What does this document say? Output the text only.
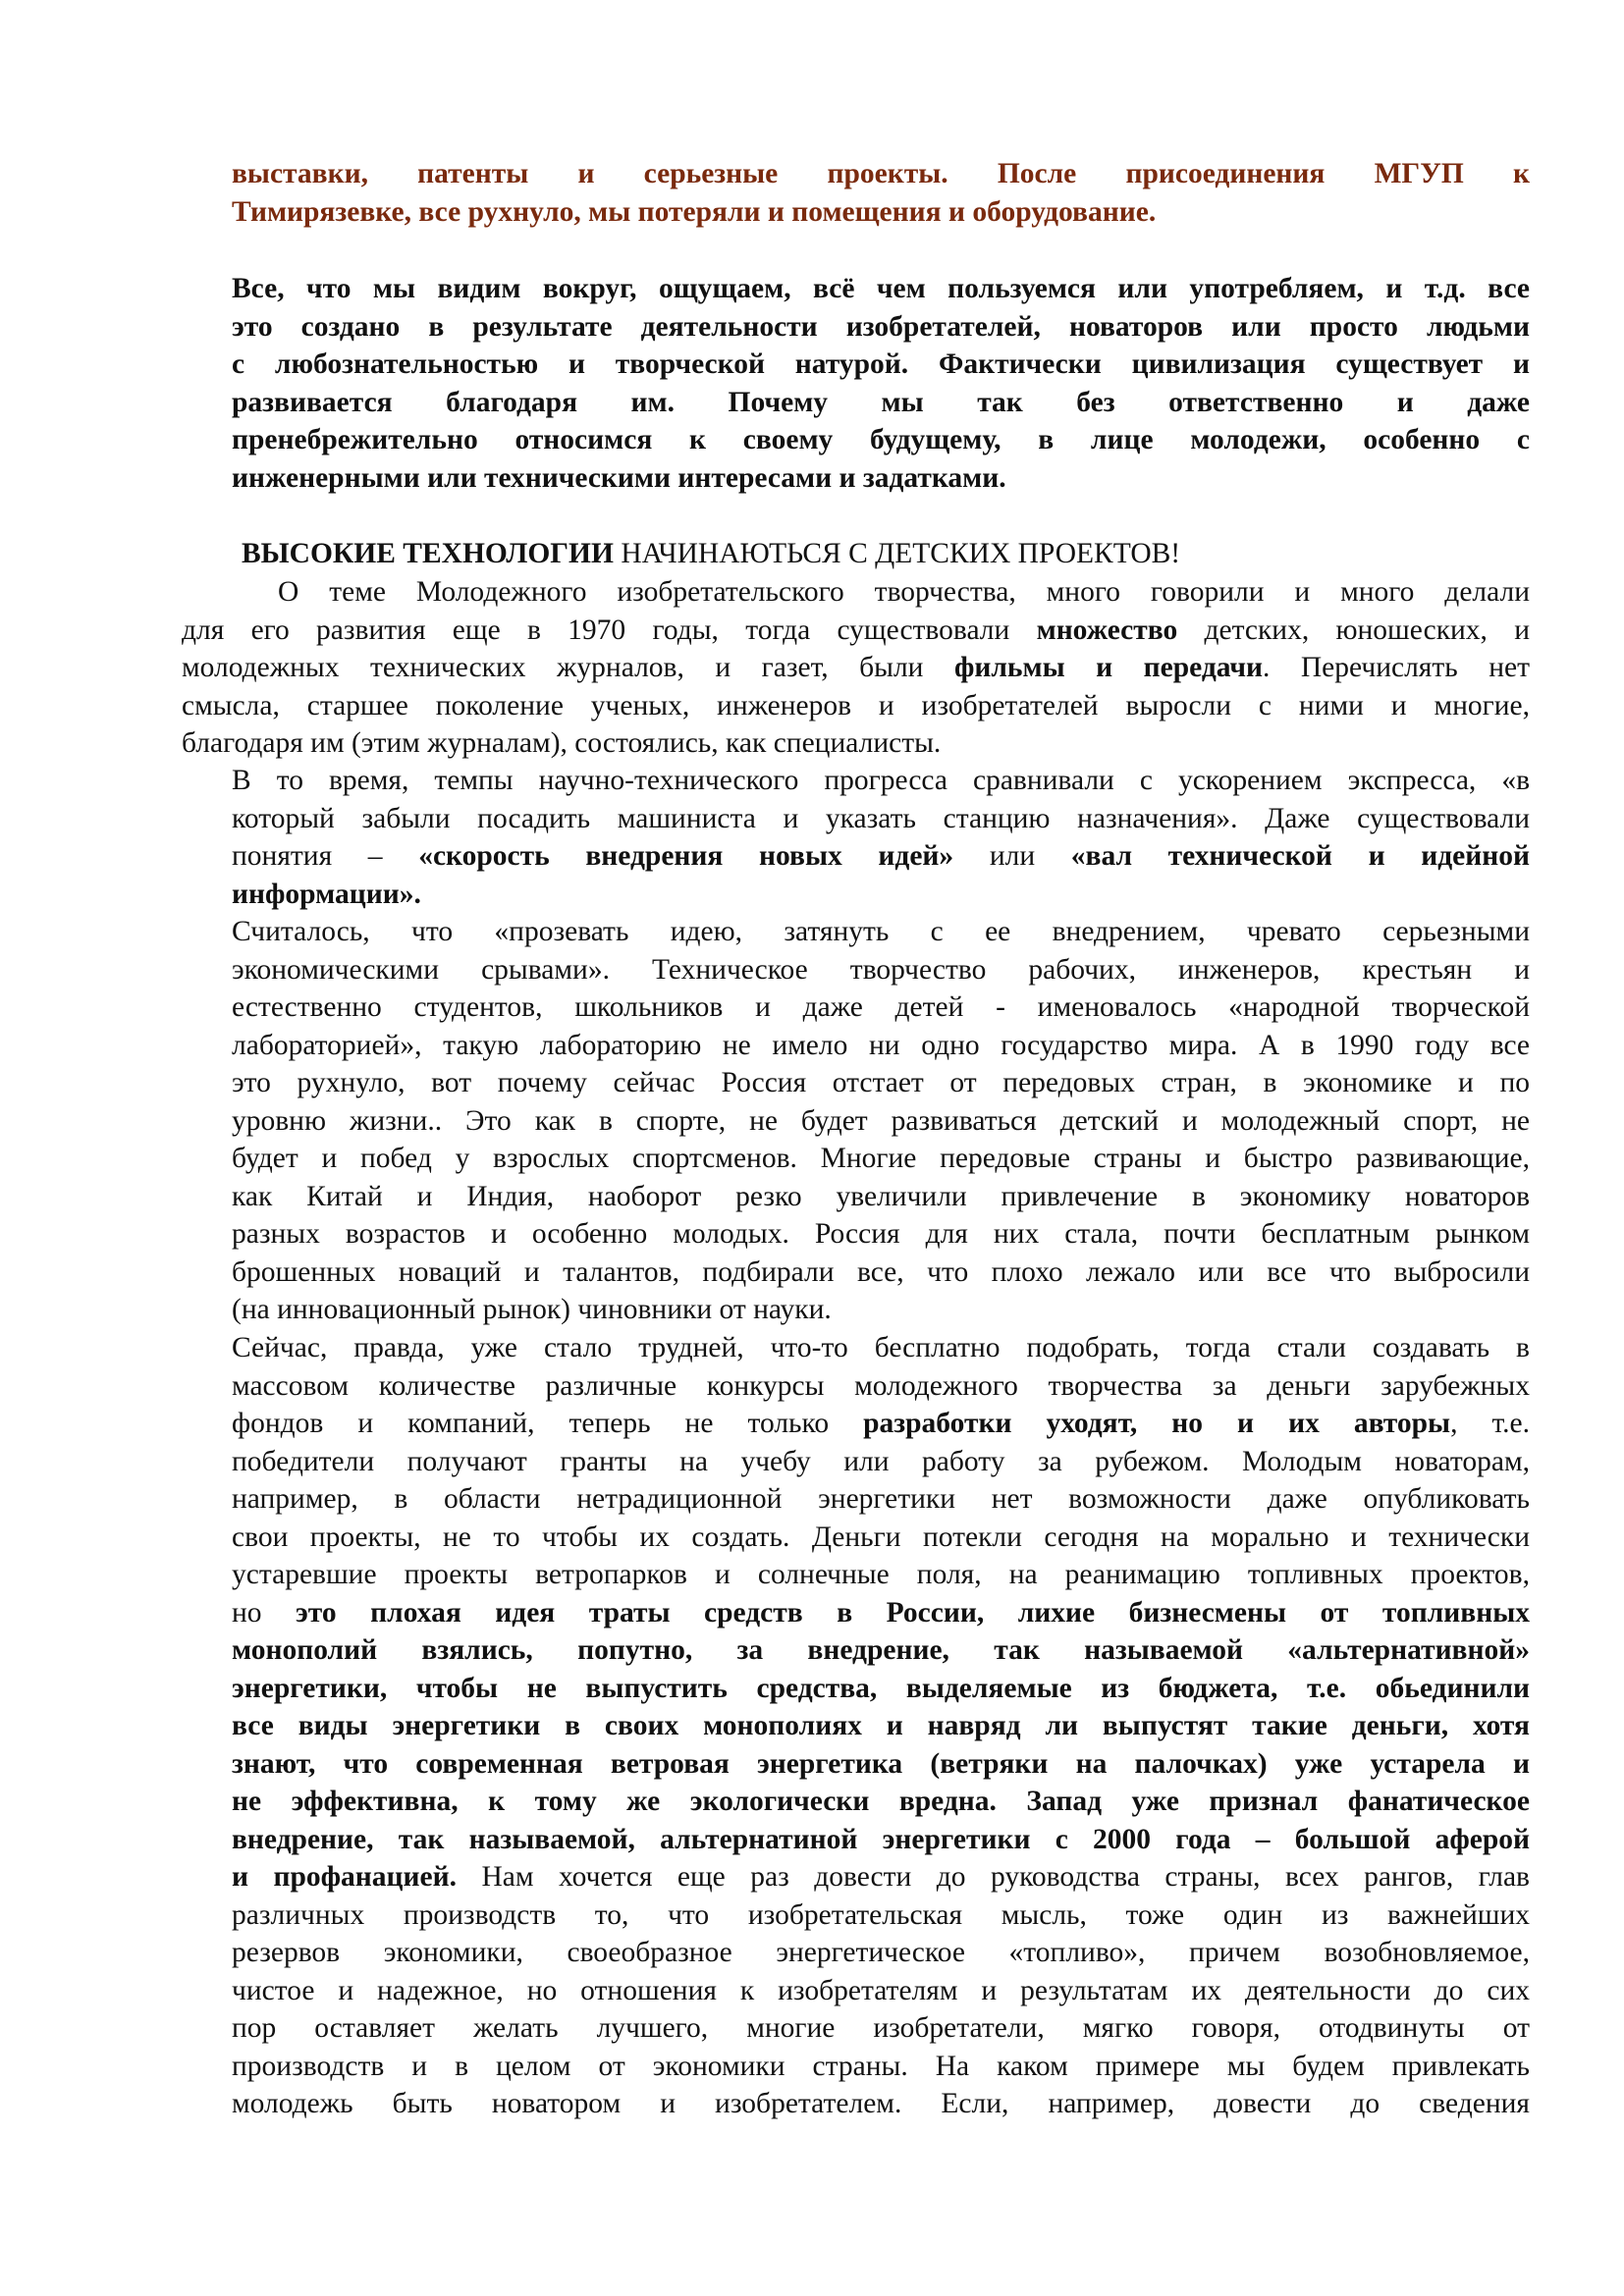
выставки, патенты и серьезные проекты. После присоединения МГУП к

Тимирязевке, все рухнуло, мы потеряли и помещения и оборудование.

Все, что мы видим вокруг, ощущаем, всё чем пользуемся или употребляем, и т.д. все

это создано в результате деятельности изобретателей, новаторов или просто людьми

с любознательностью и творческой натурой. Фактически цивилизация существует и

развивается благодаря им. Почему мы так без ответственно и даже

пренебрежительно относимся к своему будущему, в лице молодежи, особенно с

инженерными или техническими интересами и задатками.

ВЫСОКИЕ ТЕХНОЛОГИИ НАЧИНАЮТЬСЯ С ДЕТСКИХ ПРОЕКТОВ!

О теме Молодежного изобретательского творчества, много говорили и много делали

для его развития еще в 1970 годы, тогда существовали множество детских, юношеских, и

молодежных технических журналов, и газет, были фильмы и передачи. Перечислять нет

смысла, старшее поколение ученых, инженеров и изобретателей выросли с ними и многие,

благодаря им (этим журналам), состоялись, как специалисты.

В то время, темпы научно-технического прогресса сравнивали с ускорением экспресса, «в

который забыли посадить машиниста и указать станцию назначения». Даже существовали

понятия – «скорость внедрения новых идей» или «вал технической и идейной

информации».

Считалось, что «прозевать идею, затянуть с ее внедрением, чревато серьезными

экономическими срывами». Техническое творчество рабочих, инженеров, крестьян и

естественно студентов, школьников и даже детей - именовалось «народной творческой

лабораторией», такую лабораторию не имело ни одно государство мира. А в 1990 году все

это рухнуло, вот почему сейчас Россия отстает от передовых стран, в экономике и по

уровню жизни.. Это как в спорте, не будет развиваться детский и молодежный спорт, не

будет и побед у взрослых спортсменов. Многие передовые страны и быстро развивающие,

как Китай и Индия, наоборот резко увеличили привлечение в экономику новаторов

разных возрастов и особенно молодых. Россия для них стала, почти бесплатным рынком

брошенных новаций и талантов, подбирали все, что плохо лежало или все что выбросили

(на инновационный рынок) чиновники от науки.

Сейчас, правда, уже стало трудней, что-то бесплатно подобрать, тогда стали создавать в

массовом количестве различные конкурсы молодежного творчества за деньги зарубежных

фондов и компаний, теперь не только разработки уходят, но и их авторы, т.е.

победители получают гранты на учебу или работу за рубежом. Молодым новаторам,

например, в области нетрадиционной энергетики нет возможности даже опубликовать

свои проекты, не то чтобы их создать. Деньги потекли сегодня на морально и технически

устаревшие проекты ветропарков и солнечные поля, на реанимацию топливных проектов,

но это плохая идея траты средств в России, лихие бизнесмены от топливных

монополий взялись, попутно, за внедрение, так называемой «альтернативной»

энергетики, чтобы не выпустить средства, выделяемые из бюджета, т.е. обьединили

все виды энергетики в своих монополиях и навряд ли выпустят такие деньги, хотя

знают, что современная ветровая энергетика (ветряки на палочках) уже устарела и

не эффективна, к тому же экологически вредна. Запад уже признал фанатическое

внедрение, так называемой, альтернатиной энергетики с 2000 года – большой аферой

и профанацией. Нам хочется еще раз довести до руководства страны, всех рангов, глав

различных производств то, что изобретательская мысль, тоже один из важнейших

резервов экономики, своеобразное энергетическое «топливо», причем возобновляемое,

чистое и надежное, но отношения к изобретателям и результатам их деятельности до сих

пор оставляет желать лучшего, многие изобретатели, мягко говоря, отодвинуты от

производств и в целом от экономики страны. На каком примере мы будем привлекать

молодежь быть новатором и изобретателем. Если, например, довести до сведения
